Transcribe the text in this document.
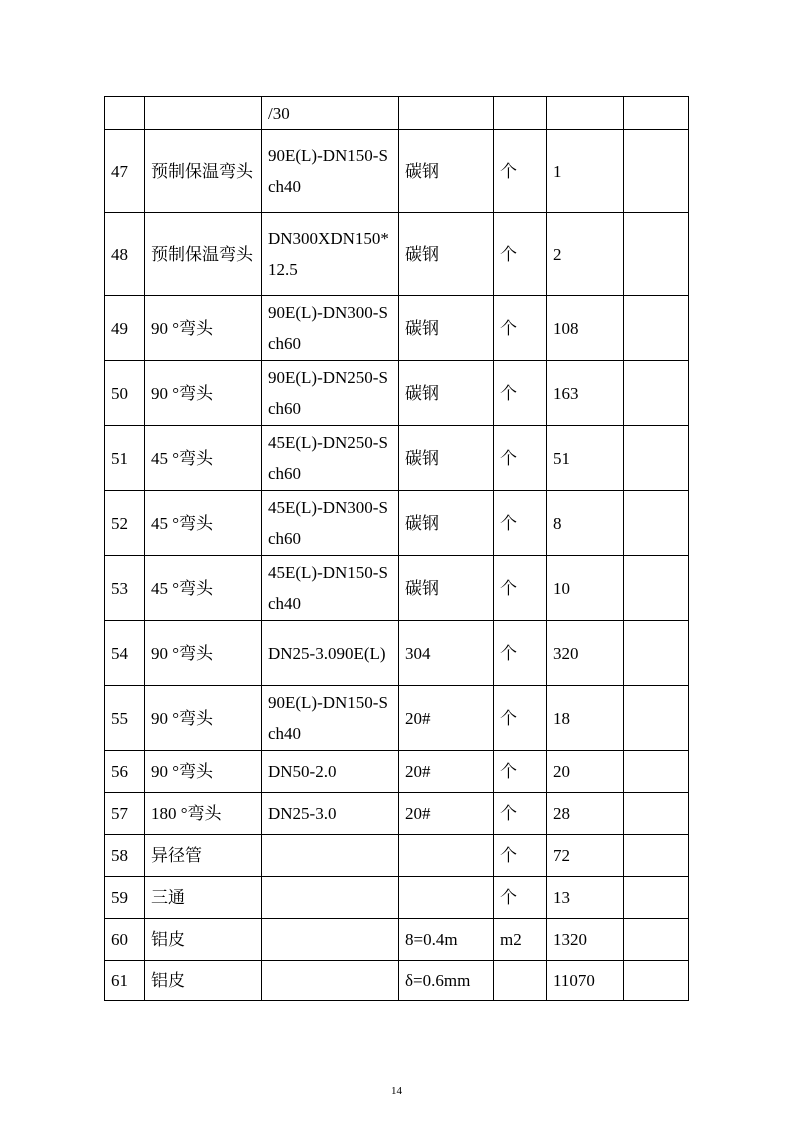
		/30				
47	预制保温弯头	90E(L)-DN150-Sch40	碳钢	个	1	
48	预制保温弯头	DN300XDN150*12.5	碳钢	个	2	
49	90 °弯头	90E(L)-DN300-Sch60	碳钢	个	108	
50	90 °弯头	90E(L)-DN250-Sch60	碳钢	个	163	
51	45 °弯头	45E(L)-DN250-Sch60	碳钢	个	51	
52	45 °弯头	45E(L)-DN300-Sch60	碳钢	个	8	
53	45 °弯头	45E(L)-DN150-Sch40	碳钢	个	10	
54	90 °弯头	DN25-3.090E(L)	304	个	320	
55	90 °弯头	90E(L)-DN150-Sch40	20#	个	18	
56	90 °弯头	DN50-2.0	20#	个	20	
57	180 °弯头	DN25-3.0	20#	个	28	
58	异径管			个	72	
59	三通			个	13	
60	铝皮		8=0.4m	m2	1320	
61	铝皮		δ=0.6mm		11070	
14
